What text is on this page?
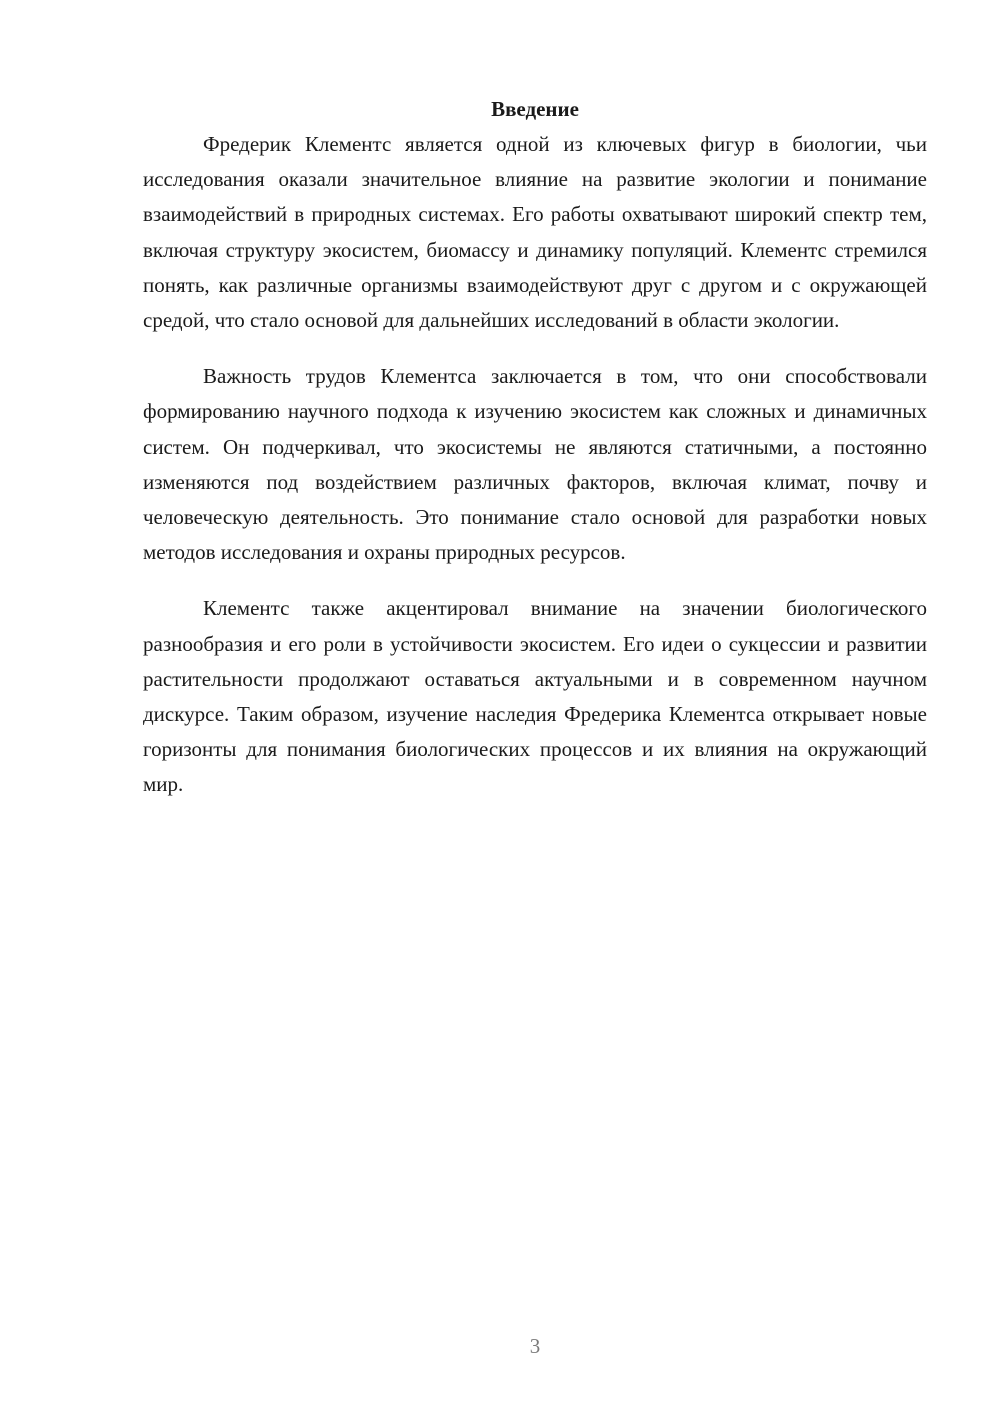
Введение

Фредерик Клементс является одной из ключевых фигур в биологии, чьи исследования оказали значительное влияние на развитие экологии и понимание взаимодействий в природных системах. Его работы охватывают широкий спектр тем, включая структуру экосистем, биомассу и динамику популяций. Клементс стремился понять, как различные организмы взаимодействуют друг с другом и с окружающей средой, что стало основой для дальнейших исследований в области экологии.

Важность трудов Клементса заключается в том, что они способствовали формированию научного подхода к изучению экосистем как сложных и динамичных систем. Он подчеркивал, что экосистемы не являются статичными, а постоянно изменяются под воздействием различных факторов, включая климат, почву и человеческую деятельность. Это понимание стало основой для разработки новых методов исследования и охраны природных ресурсов.

Клементс также акцентировал внимание на значении биологического разнообразия и его роли в устойчивости экосистем. Его идеи о сукцессии и развитии растительности продолжают оставаться актуальными и в современном научном дискурсе. Таким образом, изучение наследия Фредерика Клементса открывает новые горизонты для понимания биологических процессов и их влияния на окружающий мир.

3
